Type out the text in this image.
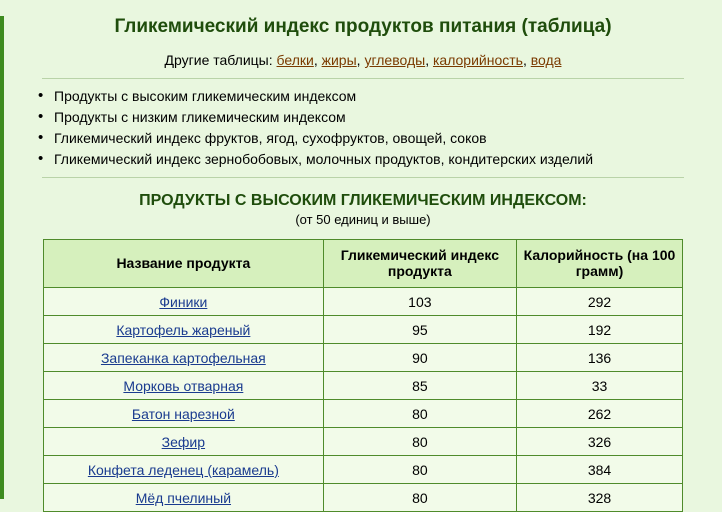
Гликемический индекс продуктов питания (таблица)
Другие таблицы: белки, жиры, углеводы, калорийность, вода
• Продукты с высоким гликемическим индексом
• Продукты с низким гликемическим индексом
• Гликемический индекс фруктов, ягод, сухофруктов, овощей, соков
• Гликемический индекс зернобобовых, молочных продуктов, кондитерских изделий
ПРОДУКТЫ С ВЫСОКИМ ГЛИКЕМИЧЕСКИМ ИНДЕКСОМ:
(от 50 единиц и выше)
Название продукта	Гликемический индекс продукта	Калорийность (на 100 грамм)
Финики	103	292
Картофель жареный	95	192
Запеканка картофельная	90	136
Морковь отварная	85	33
Батон нарезной	80	262
Зефир	80	326
Конфета леденец (карамель)	80	384
Мёд пчелиный	80	328
